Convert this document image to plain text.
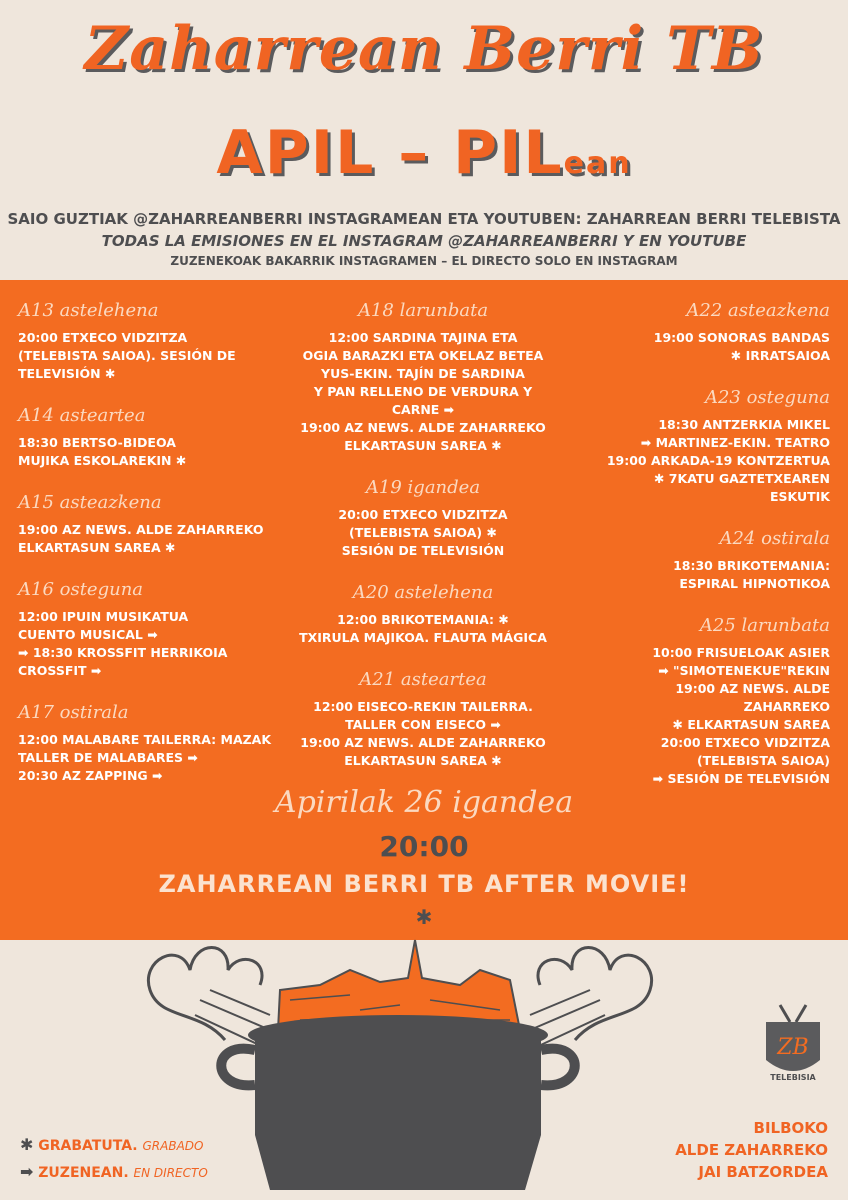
Zaharrean Berri TB
APIL – PILean
SAIO GUZTIAK @ZAHARREANBERRI INSTAGRAMEAN ETA YOUTUBEN: ZAHARREAN BERRI TELEBISTA
TODAS LA EMISIONES EN EL INSTAGRAM @ZAHARREANBERRI Y EN YOUTUBE
ZUZENEKOAK BAKARRIK INSTAGRAMEN – EL DIRECTO SOLO EN INSTAGRAM
A13 astelehena
20:00 ETXECO VIDZITZA
(TELEBISTA SAIOA). SESIÓN DE
TELEVISIÓN ✱
A14 asteartea
18:30 BERTSO-BIDEOA
MUJIKA ESKOLAREKIN ✱
A15 asteazkena
19:00 AZ NEWS. ALDE ZAHARREKO
ELKARTASUN SAREA ✱
A16 osteguna
12:00 IPUIN MUSIKATUA
CUENTO MUSICAL ➡
➡ 18:30 KROSSFIT HERRIKOIA
CROSSFIT ➡
A17 ostirala
12:00 MALABARE TAILERRA: MAZAK
TALLER DE MALABARES ➡
20:30 AZ ZAPPING ➡
A18 larunbata
12:00 SARDINA TAJINA ETA
OGIA BARAZKI ETA OKELAZ BETEA
YUS-EKIN. TAJÍN DE SARDINA
Y PAN RELLENO DE VERDURA Y CARNE ➡
19:00 AZ NEWS. ALDE ZAHARREKO
ELKARTASUN SAREA ✱
A19 igandea
20:00 ETXECO VIDZITZA
(TELEBISTA SAIOA) ✱
SESIÓN DE TELEVISIÓN
A20 astelehena
12:00 BRIKOTEMANIA: ✱
TXIRULA MAJIKOA. FLAUTA MÁGICA
A21 asteartea
12:00 EISECO-REKIN TAILERRA.
TALLER CON EISECO ➡
19:00 AZ NEWS. ALDE ZAHARREKO
ELKARTASUN SAREA ✱
A22 asteazkena
19:00 SONORAS BANDAS
✱ IRRATSAIOA
A23 osteguna
18:30 ANTZERKIA MIKEL
➡ MARTINEZ-EKIN. TEATRO
19:00 ARKADA-19 KONTZERTUA
✱ 7KATU GAZTETXEAREN ESKUTIK
A24 ostirala
18:30 BRIKOTEMANIA:
ESPIRAL HIPNOTIKOA
A25 larunbata
10:00 FRISUELOAK ASIER
➡ "SIMOTENEKUE"REKIN
19:00 AZ NEWS. ALDE ZAHARREKO
✱ ELKARTASUN SAREA
20:00 ETXECO VIDZITZA
(TELEBISTA SAIOA)
➡ SESIÓN DE TELEVISIÓN
Apirilak 26 igandea
20:00
ZAHARREAN BERRI TB AFTER MOVIE!
✱
ZB
TELEBISIA
✱ GRABATUTA. GRABADO
➡ ZUZENEAN. EN DIRECTO
BILBOKO
ALDE ZAHARREKO
JAI BATZORDEA
